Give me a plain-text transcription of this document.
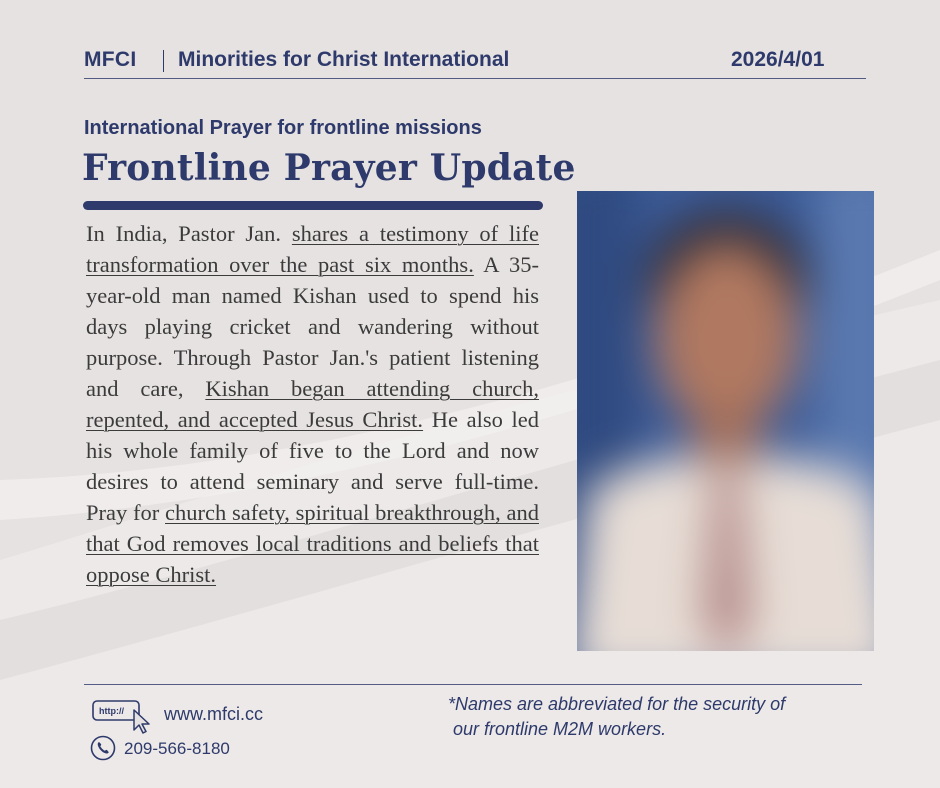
MFCI Minorities for Christ International	2026/4/01
International Prayer for frontline missions
Frontline Prayer Update
In India, Pastor Jan. shares a testimony of life transformation over the past six months. A 35-year-old man named Kishan used to spend his days playing cricket and wandering without purpose. Through Pastor Jan.'s patient listening and care, Kishan began attending church, repented, and accepted Jesus Christ. He also led his whole family of five to the Lord and now desires to attend seminary and serve full-time. Pray for church safety, spiritual breakthrough, and that God removes local traditions and beliefs that oppose Christ.
http:// www.mfci.cc
209-566-8180
*Names are abbreviated for the security of
our frontline M2M workers.
